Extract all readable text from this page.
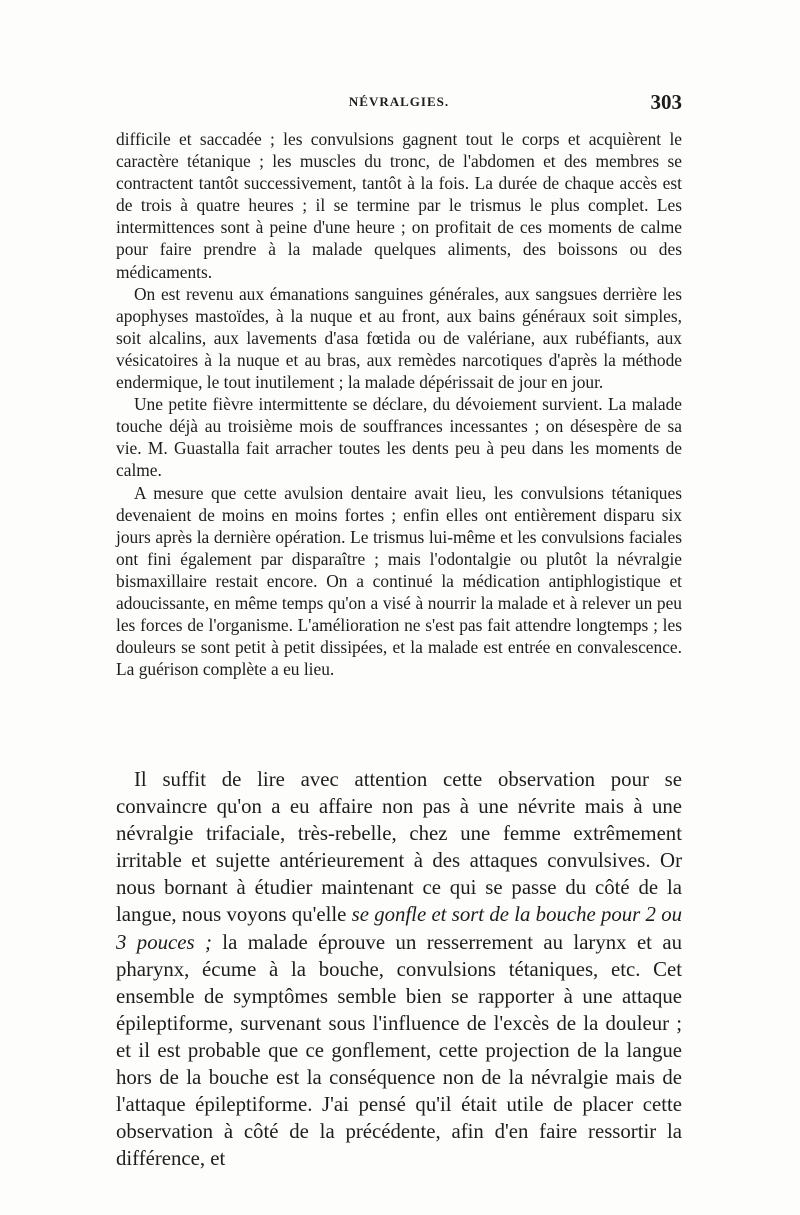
NÉVRALGIES.	303

difficile et saccadée ; les convulsions gagnent tout le corps et acquièrent le caractère tétanique ; les muscles du tronc, de l'abdomen et des membres se contractent tantôt successivement, tantôt à la fois. La durée de chaque accès est de trois à quatre heures ; il se termine par le trismus le plus complet. Les intermittences sont à peine d'une heure ; on profitait de ces moments de calme pour faire prendre à la malade quelques aliments, des boissons ou des médicaments.

On est revenu aux émanations sanguines générales, aux sangsues derrière les apophyses mastoïdes, à la nuque et au front, aux bains généraux soit simples, soit alcalins, aux lavements d'asa fœtida ou de valériane, aux rubéfiants, aux vésicatoires à la nuque et au bras, aux remèdes narcotiques d'après la méthode endermique, le tout inutilement ; la malade dépérissait de jour en jour.

Une petite fièvre intermittente se déclare, du dévoiement survient. La malade touche déjà au troisième mois de souffrances incessantes ; on désespère de sa vie. M. Guastalla fait arracher toutes les dents peu à peu dans les moments de calme.

A mesure que cette avulsion dentaire avait lieu, les convulsions tétaniques devenaient de moins en moins fortes ; enfin elles ont entièrement disparu six jours après la dernière opération. Le trismus lui-même et les convulsions faciales ont fini également par disparaître ; mais l'odontalgie ou plutôt la névralgie bismaxillaire restait encore. On a continué la médication antiphlogistique et adoucissante, en même temps qu'on a visé à nourrir la malade et à relever un peu les forces de l'organisme. L'amélioration ne s'est pas fait attendre longtemps ; les douleurs se sont petit à petit dissipées, et la malade est entrée en convalescence. La guérison complète a eu lieu.

Il suffit de lire avec attention cette observation pour se convaincre qu'on a eu affaire non pas à une névrite mais à une névralgie trifaciale, très-rebelle, chez une femme extrêmement irritable et sujette antérieurement à des attaques convulsives. Or nous bornant à étudier maintenant ce qui se passe du côté de la langue, nous voyons qu'elle se gonfle et sort de la bouche pour 2 ou 3 pouces ; la malade éprouve un resserrement au larynx et au pharynx, écume à la bouche, convulsions tétaniques, etc. Cet ensemble de symptômes semble bien se rapporter à une attaque épileptiforme, survenant sous l'influence de l'excès de la douleur ; et il est probable que ce gonflement, cette projection de la langue hors de la bouche est la conséquence non de la névralgie mais de l'attaque épileptiforme. J'ai pensé qu'il était utile de placer cette observation à côté de la précédente, afin d'en faire ressortir la différence, et
